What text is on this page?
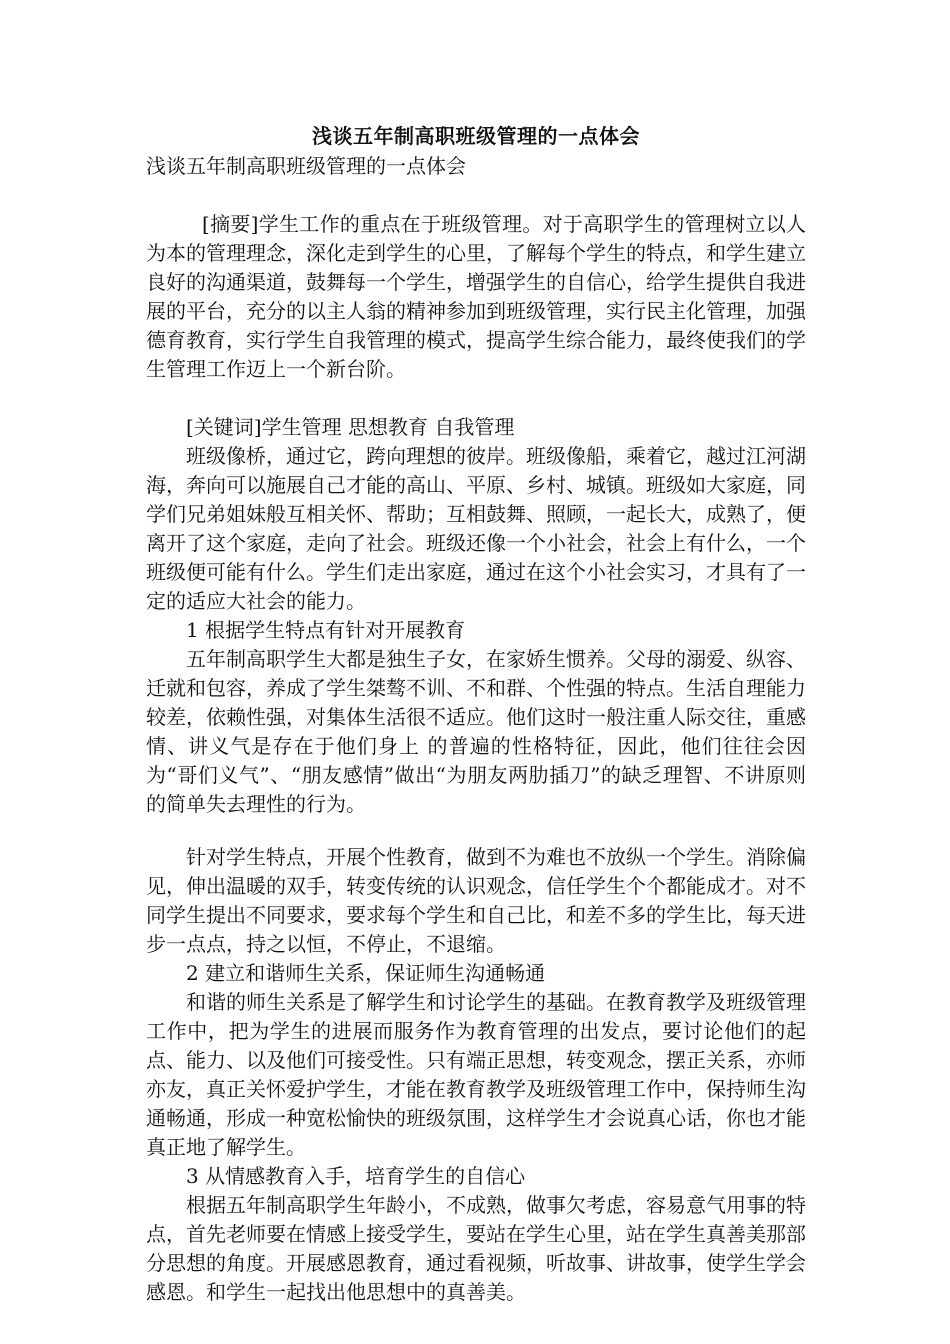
浅谈五年制高职班级管理的一点体会

浅谈五年制高职班级管理的一点体会

[摘要]学生工作的重点在于班级管理。对于高职学生的管理树立以人为本的管理理念，深化走到学生的心里，了解每个学生的特点，和学生建立良好的沟通渠道，鼓舞每一个学生，增强学生的自信心，给学生提供自我进展的平台，充分的以主人翁的精神参加到班级管理，实行民主化管理，加强德育教育，实行学生自我管理的模式，提高学生综合能力，最终使我们的学生管理工作迈上一个新台阶。

[关键词]学生管理 思想教育 自我管理

班级像桥，通过它，跨向理想的彼岸。班级像船，乘着它，越过江河湖海，奔向可以施展自己才能的高山、平原、乡村、城镇。班级如大家庭，同学们兄弟姐妹般互相关怀、帮助；互相鼓舞、照顾，一起长大，成熟了，便离开了这个家庭，走向了社会。班级还像一个小社会，社会上有什么，一个班级便可能有什么。学生们走出家庭，通过在这个小社会实习，才具有了一定的适应大社会的能力。

1 根据学生特点有针对开展教育

五年制高职学生大都是独生子女，在家娇生惯养。父母的溺爱、纵容、迁就和包容，养成了学生桀骜不训、不和群、个性强的特点。生活自理能力较差，依赖性强，对集体生活很不适应。他们这时一般注重人际交往，重感情、讲义气是存在于他们身上 的普遍的性格特征，因此，他们往往会因为“哥们义气”、“朋友感情”做出“为朋友两肋插刀”的缺乏理智、不讲原则的简单失去理性的行为。

针对学生特点，开展个性教育，做到不为难也不放纵一个学生。消除偏见，伸出温暖的双手，转变传统的认识观念，信任学生个个都能成才。对不同学生提出不同要求，要求每个学生和自己比，和差不多的学生比，每天进步一点点，持之以恒，不停止，不退缩。

2 建立和谐师生关系，保证师生沟通畅通

和谐的师生关系是了解学生和讨论学生的基础。在教育教学及班级管理工作中，把为学生的进展而服务作为教育管理的出发点，要讨论他们的起点、能力、以及他们可接受性。只有端正思想，转变观念，摆正关系，亦师亦友，真正关怀爱护学生，才能在教育教学及班级管理工作中，保持师生沟通畅通，形成一种宽松愉快的班级氛围，这样学生才会说真心话，你也才能真正地了解学生。

3 从情感教育入手，培育学生的自信心

根据五年制高职学生年龄小，不成熟，做事欠考虑，容易意气用事的特点，首先老师要在情感上接受学生，要站在学生心里，站在学生真善美那部分思想的角度。开展感恩教育，通过看视频，听故事、讲故事，使学生学会感恩。和学生一起找出他思想中的真善美。
